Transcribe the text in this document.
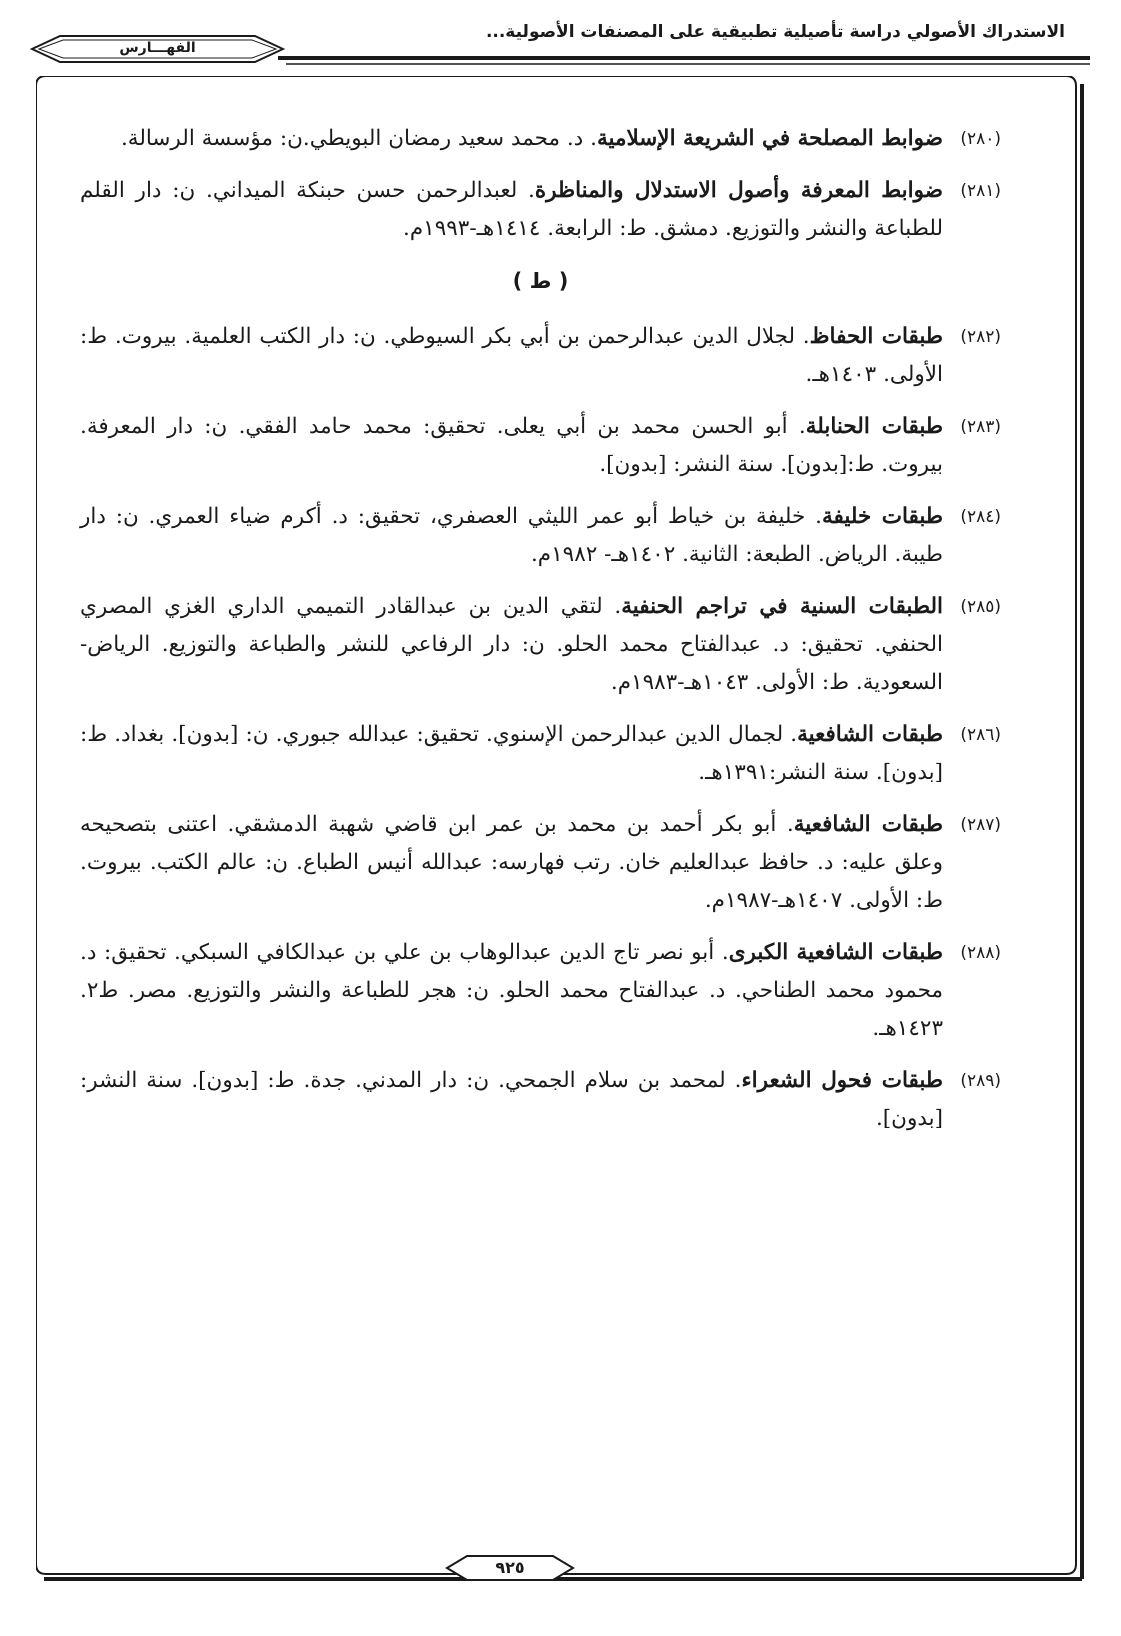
الاستدراك الأصولي دراسة تأصيلية تطبيقية على المصنفات الأصولية...
الفهـــارس
(٢٨٠)
ضوابط المصلحة في الشريعة الإسلامية. د. محمد سعيد رمضان البويطي.ن: مؤسسة الرسالة.
(٢٨١)
ضوابط المعرفة وأصول الاستدلال والمناظرة. لعبدالرحمن حسن حبنكة الميداني. ن: دار القلم للطباعة والنشر والتوزيع. دمشق. ط: الرابعة. ١٤١٤هـ-١٩٩٣م.
( ط )
(٢٨٢)
طبقات الحفاظ. لجلال الدين عبدالرحمن بن أبي بكر السيوطي. ن: دار الكتب العلمية. بيروت. ط: الأولى. ١٤٠٣هـ.
(٢٨٣)
طبقات الحنابلة. أبو الحسن محمد بن أبي يعلى. تحقيق: محمد حامد الفقي. ن: دار المعرفة. بيروت. ط:[بدون]. سنة النشر: [بدون].
(٢٨٤)
طبقات خليفة. خليفة بن خياط أبو عمر الليثي العصفري، تحقيق: د. أكرم ضياء العمري. ن: دار طيبة. الرياض. الطبعة: الثانية. ١٤٠٢هـ- ١٩٨٢م.
(٢٨٥)
الطبقات السنية في تراجم الحنفية. لتقي الدين بن عبدالقادر التميمي الداري الغزي المصري الحنفي. تحقيق: د. عبدالفتاح محمد الحلو. ن: دار الرفاعي للنشر والطباعة والتوزيع. الرياض-السعودية. ط: الأولى. ١٠٤٣هـ-١٩٨٣م.
(٢٨٦)
طبقات الشافعية. لجمال الدين عبدالرحمن الإسنوي. تحقيق: عبدالله جبوري. ن: [بدون]. بغداد. ط:[بدون]. سنة النشر:١٣٩١هـ.
(٢٨٧)
طبقات الشافعية. أبو بكر أحمد بن محمد بن عمر ابن قاضي شهبة الدمشقي. اعتنى بتصحيحه وعلق عليه: د. حافظ عبدالعليم خان. رتب فهارسه: عبدالله أنيس الطباع. ن: عالم الكتب. بيروت. ط: الأولى. ١٤٠٧هـ-١٩٨٧م.
(٢٨٨)
طبقات الشافعية الكبرى. أبو نصر تاج الدين عبدالوهاب بن علي بن عبدالكافي السبكي. تحقيق: د. محمود محمد الطناحي. د. عبدالفتاح محمد الحلو. ن: هجر للطباعة والنشر والتوزيع. مصر. ط٢. ١٤٢٣هـ.
(٢٨٩)
طبقات فحول الشعراء. لمحمد بن سلام الجمحي. ن: دار المدني. جدة. ط: [بدون]. سنة النشر: [بدون].
٩٢٥
